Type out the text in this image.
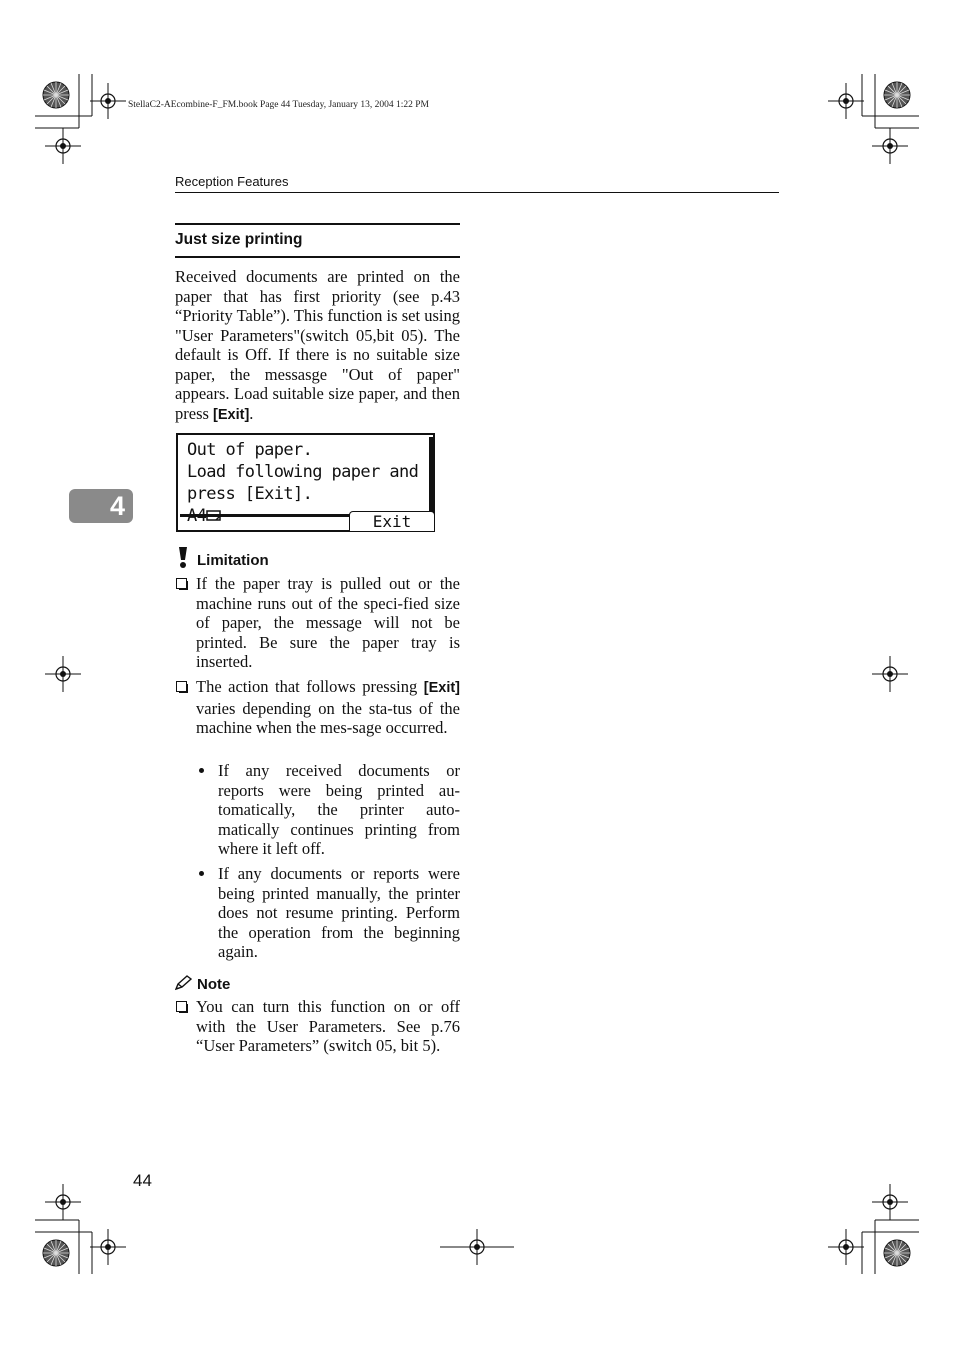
StellaC2-AEcombine-F_FM.book Page 44 Tuesday, January 13, 2004 1:22 PM
Reception Features
4
Just size printing

Received documents are printed on the paper that has first priority (see p.43 “Priority Table”). This function is set using "User Parameters"(switch 05,bit 05). The default is Off. If there is no suitable size paper, the messasge "Out of paper" appears. Load suitable size paper, and then press [Exit].

Out of paper.
Load following paper and
press [Exit].
A4	Exit
Limitation

If the paper tray is pulled out or the machine runs out of the speci-fied size of paper, the message will not be printed. Be sure the paper tray is inserted.

The action that follows pressing [Exit] varies depending on the sta-tus of the machine when the mes-sage occurred.

If any received documents or reports were being printed au-tomatically, the printer auto-matically continues printing from where it left off.

If any documents or reports were being printed manually, the printer does not resume printing. Perform the operation from the beginning again.

Note

You can turn this function on or off with the User Parameters. See p.76 “User Parameters” (switch 05, bit 5).

44
